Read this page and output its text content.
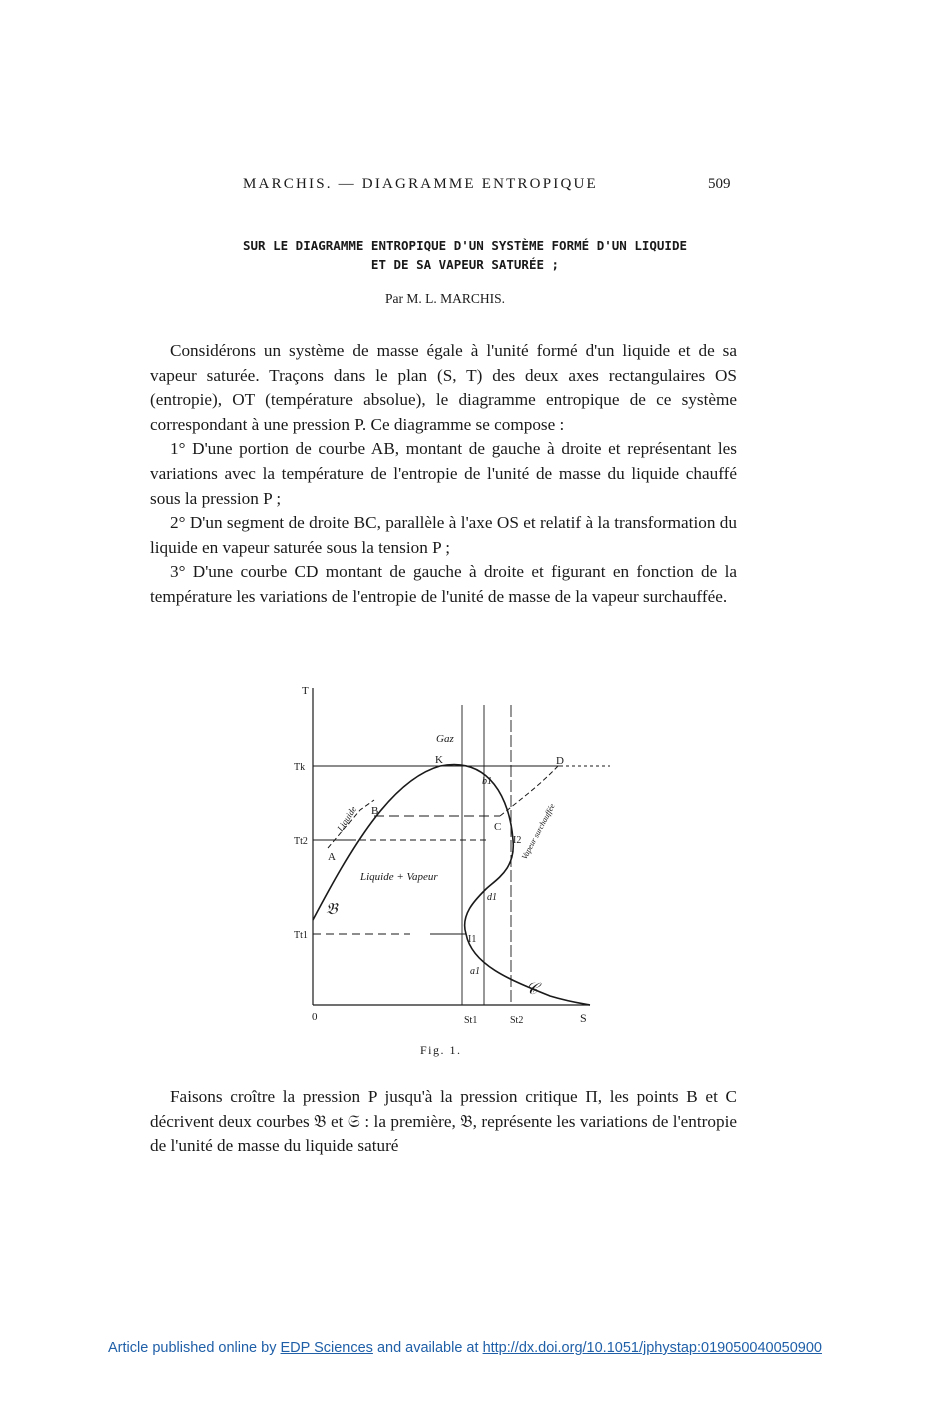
MARCHIS. — DIAGRAMME ENTROPIQUE	509
SUR LE DIAGRAMME ENTROPIQUE D'UN SYSTÈME FORMÉ D'UN LIQUIDE
ET DE SA VAPEUR SATURÉE ;
Par M. L. MARCHIS.

Considérons un système de masse égale à l'unité formé d'un liquide et de sa vapeur saturée. Traçons dans le plan (S, T) des deux axes rectangulaires OS (entropie), OT (température absolue), le diagramme entropique de ce système correspondant à une pression P. Ce diagramme se compose :

1° D'une portion de courbe AB, montant de gauche à droite et représentant les variations avec la température de l'entropie de l'unité de masse du liquide chauffé sous la pression P ;

2° D'un segment de droite BC, parallèle à l'axe OS et relatif à la transformation du liquide en vapeur saturée sous la tension P ;

3° D'une courbe CD montant de gauche à droite et figurant en fonction de la température les variations de l'entropie de l'unité de masse de la vapeur surchauffée.

T
0	S
Tk
Tt2
Tt1
Gaz
K	D
B
A
C
b1
I2
d1
I1
a1
Liquide
Liquide + Vapeur
Vapeur surchauffée
𝔅
𝒞
St1	St2
Fig. 1.

Faisons croître la pression P jusqu'à la pression critique Π, les points B et C décrivent deux courbes 𝔅 et 𝔖 : la première, 𝔅, représente les variations de l'entropie de l'unité de masse du liquide saturé

Article published online by EDP Sciences and available at http://dx.doi.org/10.1051/jphystap:019050040050900
